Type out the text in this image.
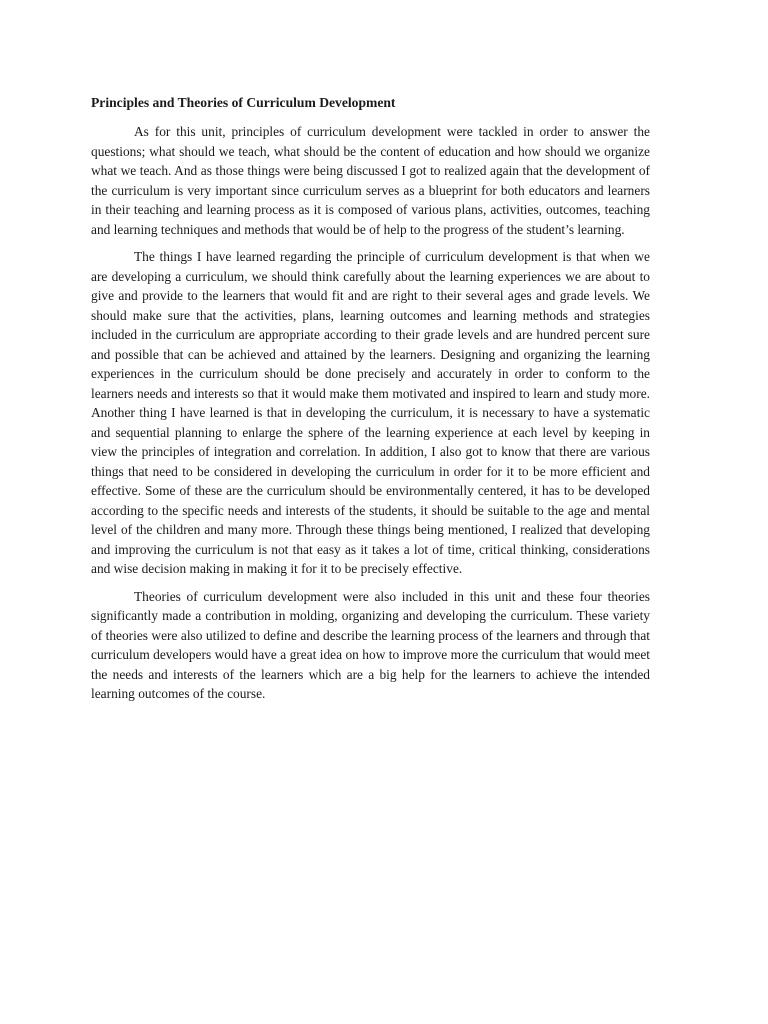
Principles and Theories of Curriculum Development

As for this unit, principles of curriculum development were tackled in order to answer the questions; what should we teach, what should be the content of education and how should we organize what we teach. And as those things were being discussed I got to realized again that the development of the curriculum is very important since curriculum serves as a blueprint for both educators and learners in their teaching and learning process as it is composed of various plans, activities, outcomes, teaching and learning techniques and methods that would be of help to the progress of the student’s learning.

The things I have learned regarding the principle of curriculum development is that when we are developing a curriculum, we should think carefully about the learning experiences we are about to give and provide to the learners that would fit and are right to their several ages and grade levels. We should make sure that the activities, plans, learning outcomes and learning methods and strategies included in the curriculum are appropriate according to their grade levels and are hundred percent sure and possible that can be achieved and attained by the learners. Designing and organizing the learning experiences in the curriculum should be done precisely and accurately in order to conform to the learners needs and interests so that it would make them motivated and inspired to learn and study more. Another thing I have learned is that in developing the curriculum, it is necessary to have a systematic and sequential planning to enlarge the sphere of the learning experience at each level by keeping in view the principles of integration and correlation. In addition, I also got to know that there are various things that need to be considered in developing the curriculum in order for it to be more efficient and effective. Some of these are the curriculum should be environmentally centered, it has to be developed according to the specific needs and interests of the students, it should be suitable to the age and mental level of the children and many more. Through these things being mentioned, I realized that developing and improving the curriculum is not that easy as it takes a lot of time, critical thinking, considerations and wise decision making in making it for it to be precisely effective.

Theories of curriculum development were also included in this unit and these four theories significantly made a contribution in molding, organizing and developing the curriculum. These variety of theories were also utilized to define and describe the learning process of the learners and through that curriculum developers would have a great idea on how to improve more the curriculum that would meet the needs and interests of the learners which are a big help for the learners to achieve the intended learning outcomes of the course.
